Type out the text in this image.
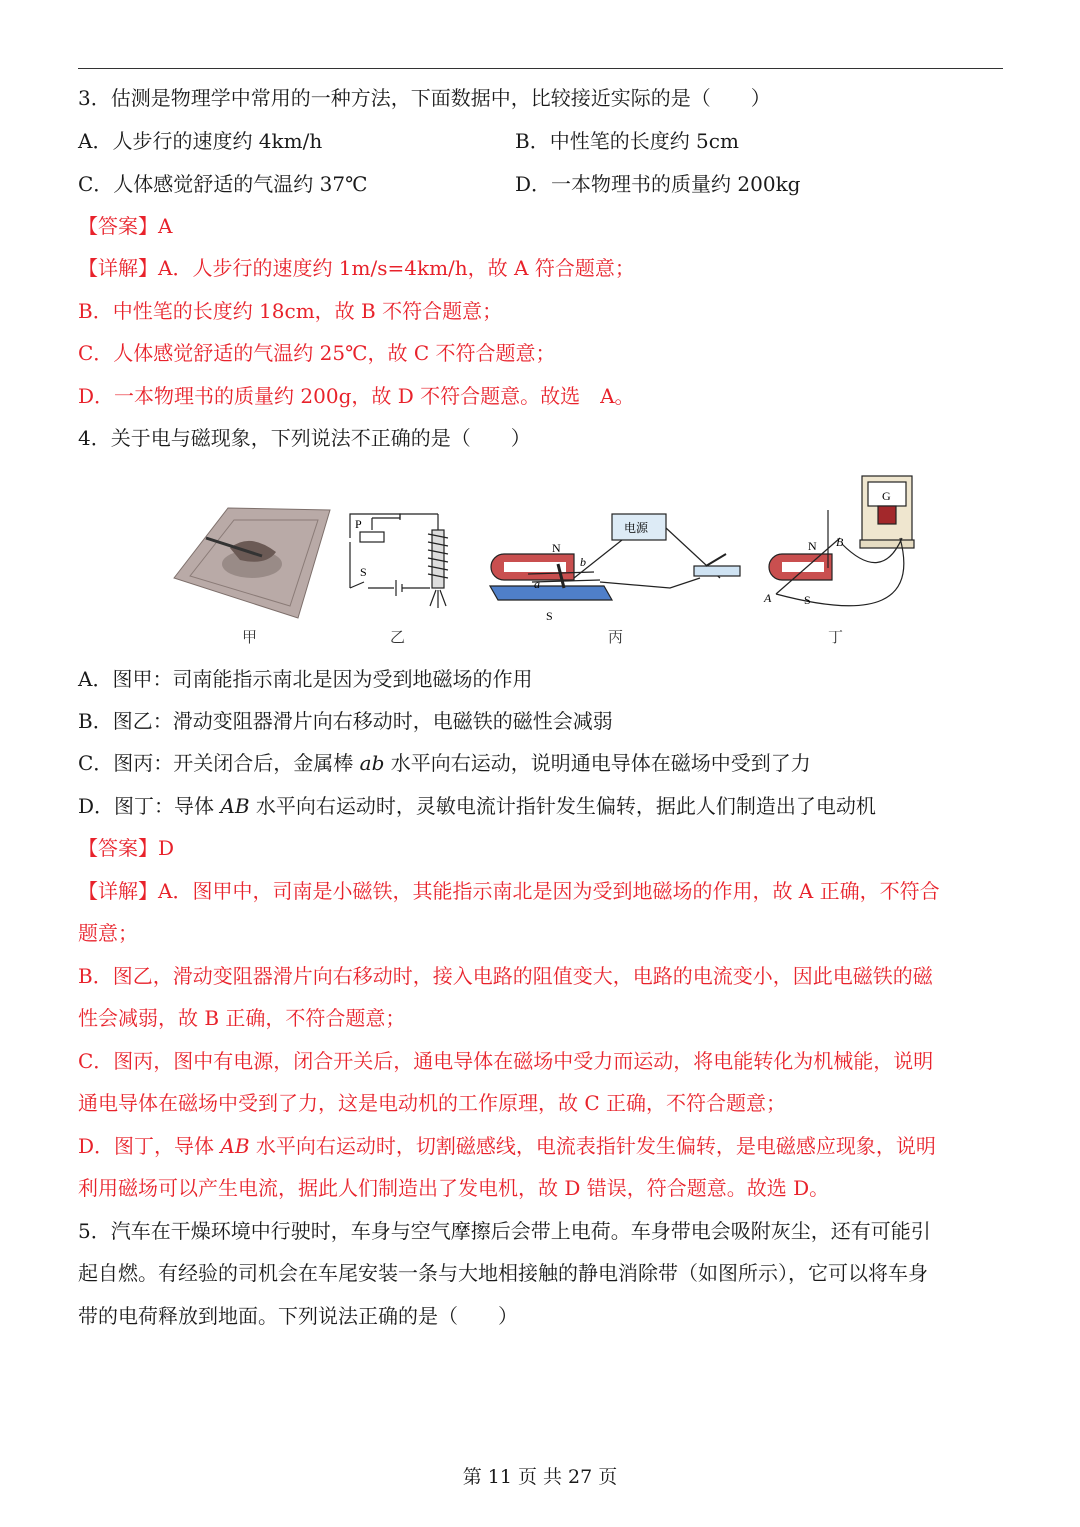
3．估测是物理学中常用的一种方法，下面数据中，比较接近实际的是（　　）
A．人步行的速度约 4km/h	B．中性笔的长度约 5cm
C．人体感觉舒适的气温约 37℃	D．一本物理书的质量约 200kg
【答案】A
【详解】A．人步行的速度约 1m/s=4km/h，故 A 符合题意；
B．中性笔的长度约 18cm，故 B 不符合题意；
C．人体感觉舒适的气温约 25℃，故 C 不符合题意；
D．一本物理书的质量约 200g，故 D 不符合题意。故选　A。
4．关于电与磁现象，下列说法不正确的是（　　）
P
S
N
b
a
S
电源
N B
A	S
G
甲	乙	丙	丁
A．图甲：司南能指示南北是因为受到地磁场的作用
B．图乙：滑动变阻器滑片向右移动时，电磁铁的磁性会减弱
C．图丙：开关闭合后，金属棒 ab 水平向右运动，说明通电导体在磁场中受到了力
D．图丁：导体 AB 水平向右运动时，灵敏电流计指针发生偏转，据此人们制造出了电动机
【答案】D
【详解】A．图甲中，司南是小磁铁，其能指示南北是因为受到地磁场的作用，故 A 正确，不符合
题意；
B．图乙，滑动变阻器滑片向右移动时，接入电路的阻值变大，电路的电流变小，因此电磁铁的磁
性会减弱，故 B 正确，不符合题意；
C．图丙，图中有电源，闭合开关后，通电导体在磁场中受力而运动，将电能转化为机械能，说明
通电导体在磁场中受到了力，这是电动机的工作原理，故 C 正确，不符合题意；
D．图丁，导体 AB 水平向右运动时，切割磁感线，电流表指针发生偏转，是电磁感应现象，说明
利用磁场可以产生电流，据此人们制造出了发电机，故 D 错误，符合题意。故选 D。
5．汽车在干燥环境中行驶时，车身与空气摩擦后会带上电荷。车身带电会吸附灰尘，还有可能引
起自燃。有经验的司机会在车尾安装一条与大地相接触的静电消除带（如图所示），它可以将车身
带的电荷释放到地面。下列说法正确的是（　　）
第 11 页 共 27 页
